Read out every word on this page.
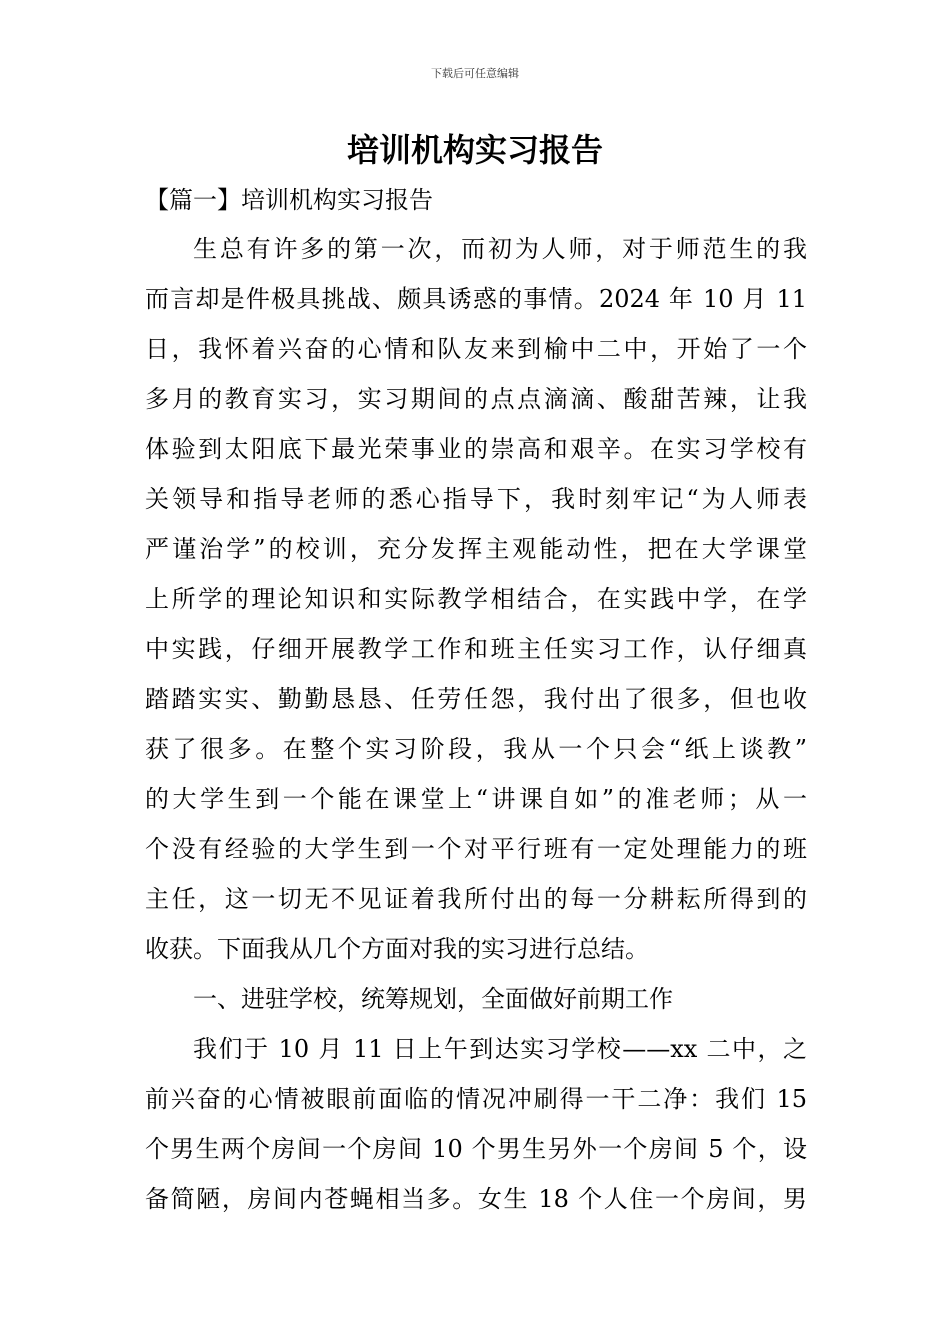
下载后可任意编辑
培训机构实习报告
【篇一】培训机构实习报告
生总有许多的第一次，而初为人师，对于师范生的我
而言却是件极具挑战、颇具诱惑的事情。2024 年 10 月 11
日，我怀着兴奋的心情和队友来到榆中二中，开始了一个
多月的教育实习，实习期间的点点滴滴、酸甜苦辣，让我
体验到太阳底下最光荣事业的崇高和艰辛。在实习学校有
关领导和指导老师的悉心指导下，我时刻牢记“为人师表
严谨治学”的校训，充分发挥主观能动性，把在大学课堂
上所学的理论知识和实际教学相结合，在实践中学，在学
中实践，仔细开展教学工作和班主任实习工作，认仔细真
踏踏实实、勤勤恳恳、任劳任怨，我付出了很多，但也收
获了很多。在整个实习阶段，我从一个只会“纸上谈教”
的大学生到一个能在课堂上“讲课自如”的准老师；从一
个没有经验的大学生到一个对平行班有一定处理能力的班
主任，这一切无不见证着我所付出的每一分耕耘所得到的
收获。下面我从几个方面对我的实习进行总结。
一、进驻学校，统筹规划，全面做好前期工作
我们于 10 月 11 日上午到达实习学校——xx 二中，之
前兴奋的心情被眼前面临的情况冲刷得一干二净：我们 15
个男生两个房间一个房间 10 个男生另外一个房间 5 个，设
备简陋，房间内苍蝇相当多。女生 18 个人住一个房间，男
